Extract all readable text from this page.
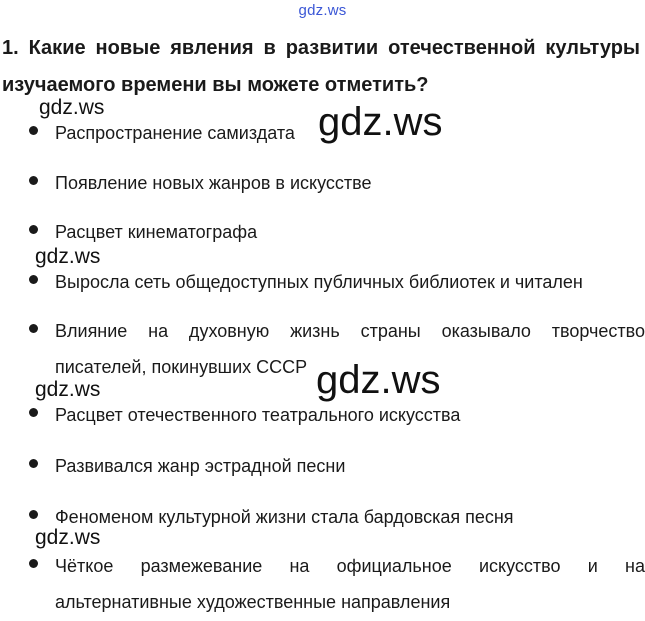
gdz.ws
1. Какие новые явления в развитии отечественной культуры изучаемого времени вы можете отметить?
Распространение самиздата
Появление новых жанров в искусстве
Расцвет кинематографа
Выросла сеть общедоступных публичных библиотек и читален
Влияние на духовную жизнь страны оказывало творчество писателей, покинувших СССР
Расцвет отечественного театрального искусства
Развивался жанр эстрадной песни
Феноменом культурной жизни стала бардовская песня
Чёткое размежевание на официальное искусство и на альтернативные художественные направления
gdz.ws	gdz.ws
gdz.ws
gdz.ws
gdz.ws
gdz.ws
